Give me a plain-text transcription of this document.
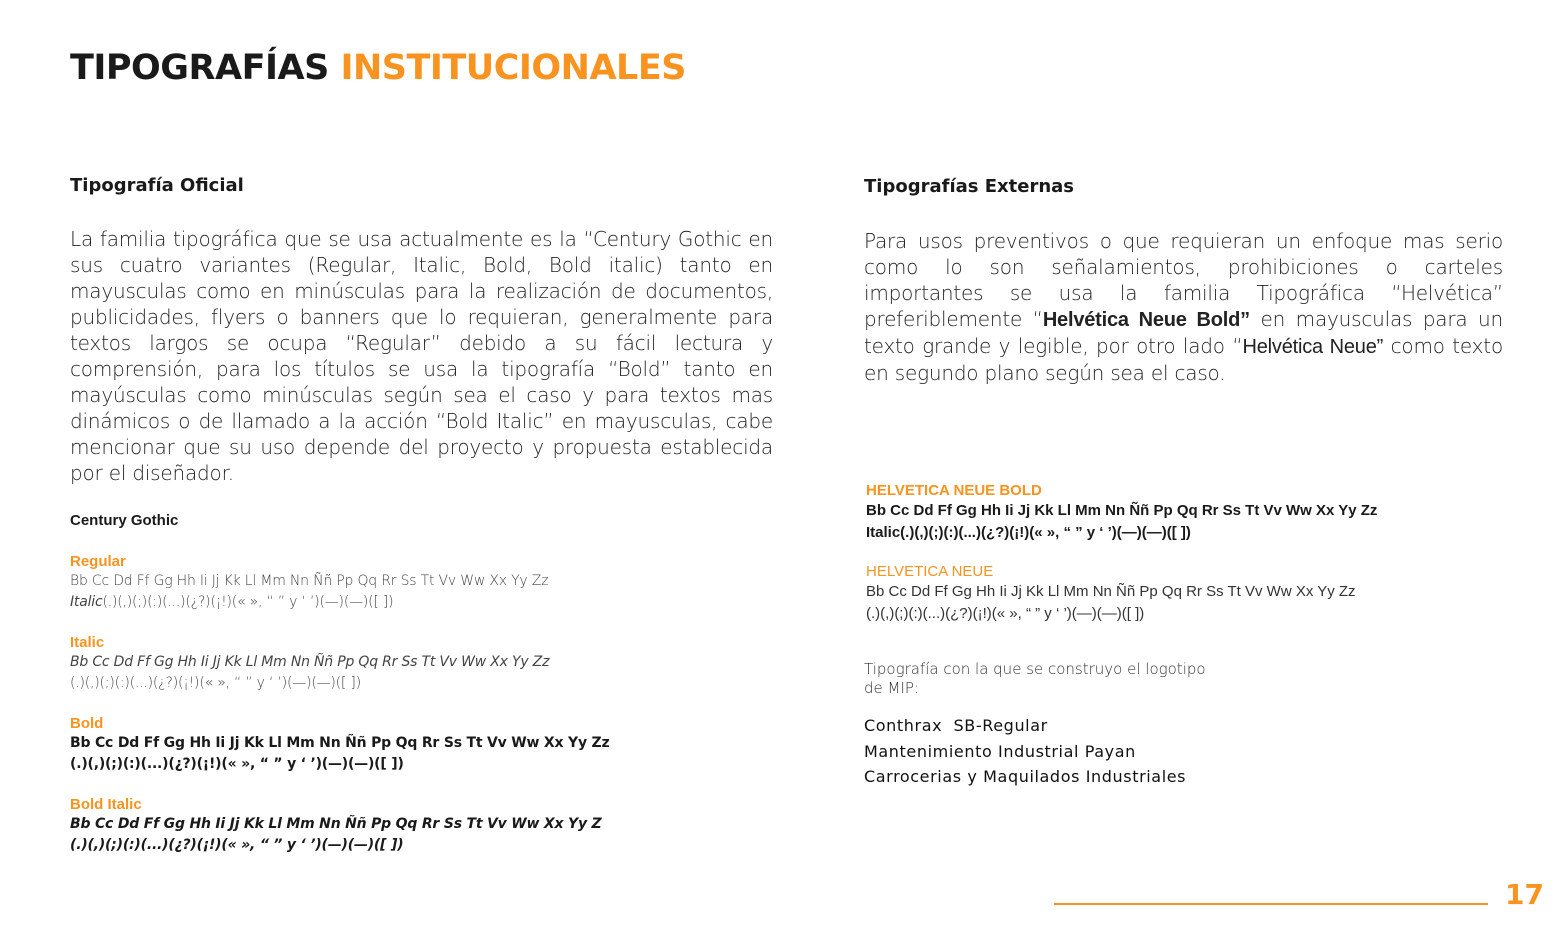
TIPOGRAFÍAS INSTITUCIONALES
Tipografía Oficial

La familia tipográfica que se usa actualmente es la “Century Gothic en sus cuatro variantes (Regular, Italic, Bold, Bold italic) tanto en mayusculas como en minúsculas para la realización de documentos, publicidades, flyers o banners que lo requieran, generalmente para textos largos se ocupa “Regular” debido a su fácil lectura y comprensión, para los títulos se usa la tipografía “Bold” tanto en mayúsculas como minúsculas según sea el caso y para textos mas dinámicos o de llamado a la acción “Bold Italic” en mayusculas, cabe mencionar que su uso depende del proyecto y propuesta establecida por el diseñador.

Century Gothic

Regular

Bb Cc Dd Ff Gg Hh Ii Jj Kk Ll Mm Nn Ññ Pp Qq Rr Ss Tt Vv Ww Xx Yy Zz

Italic(.)(,)(;)(:)(...)(¿?)(¡!)(« », “ ” y ‘ ’)(—)(—)([ ])

Italic

Bb Cc Dd Ff Gg Hh Ii Jj Kk Ll Mm Nn Ññ Pp Qq Rr Ss Tt Vv Ww Xx Yy Zz

(.)(,)(;)(:)(...)(¿?)(¡!)(« », “ ” y ‘ ’)(—)(—)([ ])

Bold

Bb Cc Dd Ff Gg Hh Ii Jj Kk Ll Mm Nn Ññ Pp Qq Rr Ss Tt Vv Ww Xx Yy Zz

(.)(,)(;)(:)(...)(¿?)(¡!)(« », “ ” y ‘ ’)(—)(—)([ ])

Bold Italic

Bb Cc Dd Ff Gg Hh Ii Jj Kk Ll Mm Nn Ññ Pp Qq Rr Ss Tt Vv Ww Xx Yy Z

(.)(,)(;)(:)(...)(¿?)(¡!)(« », “ ” y ‘ ’)(—)(—)([ ])

Tipografías Externas

Para usos preventivos o que requieran un enfoque mas serio como lo son señalamientos, prohibiciones o carteles importantes se usa la familia Tipográfica “Helvética” preferiblemente “Helvética Neue Bold” en mayusculas para un texto grande y legible, por otro lado “Helvética Neue” como texto en segundo plano según sea el caso.

HELVETICA NEUE BOLD

Bb Cc Dd Ff Gg Hh Ii Jj Kk Ll Mm Nn Ññ Pp Qq Rr Ss Tt Vv Ww Xx Yy Zz

Italic(.)(,)(;)(:)(...)(¿?)(¡!)(« », “ ” y ‘ ’)(—)(—)([ ])

HELVETICA NEUE

Bb Cc Dd Ff Gg Hh Ii Jj Kk Ll Mm Nn Ññ Pp Qq Rr Ss Tt Vv Ww Xx Yy Zz

(.)(,)(;)(:)(...)(¿?)(¡!)(« », “ ” y ‘ ’)(—)(—)([ ])

Tipografía con la que se construyo el logotipo

de MIP:

Conthrax  SB-Regular

Mantenimiento Industrial Payan

Carrocerias y Maquilados Industriales

17
